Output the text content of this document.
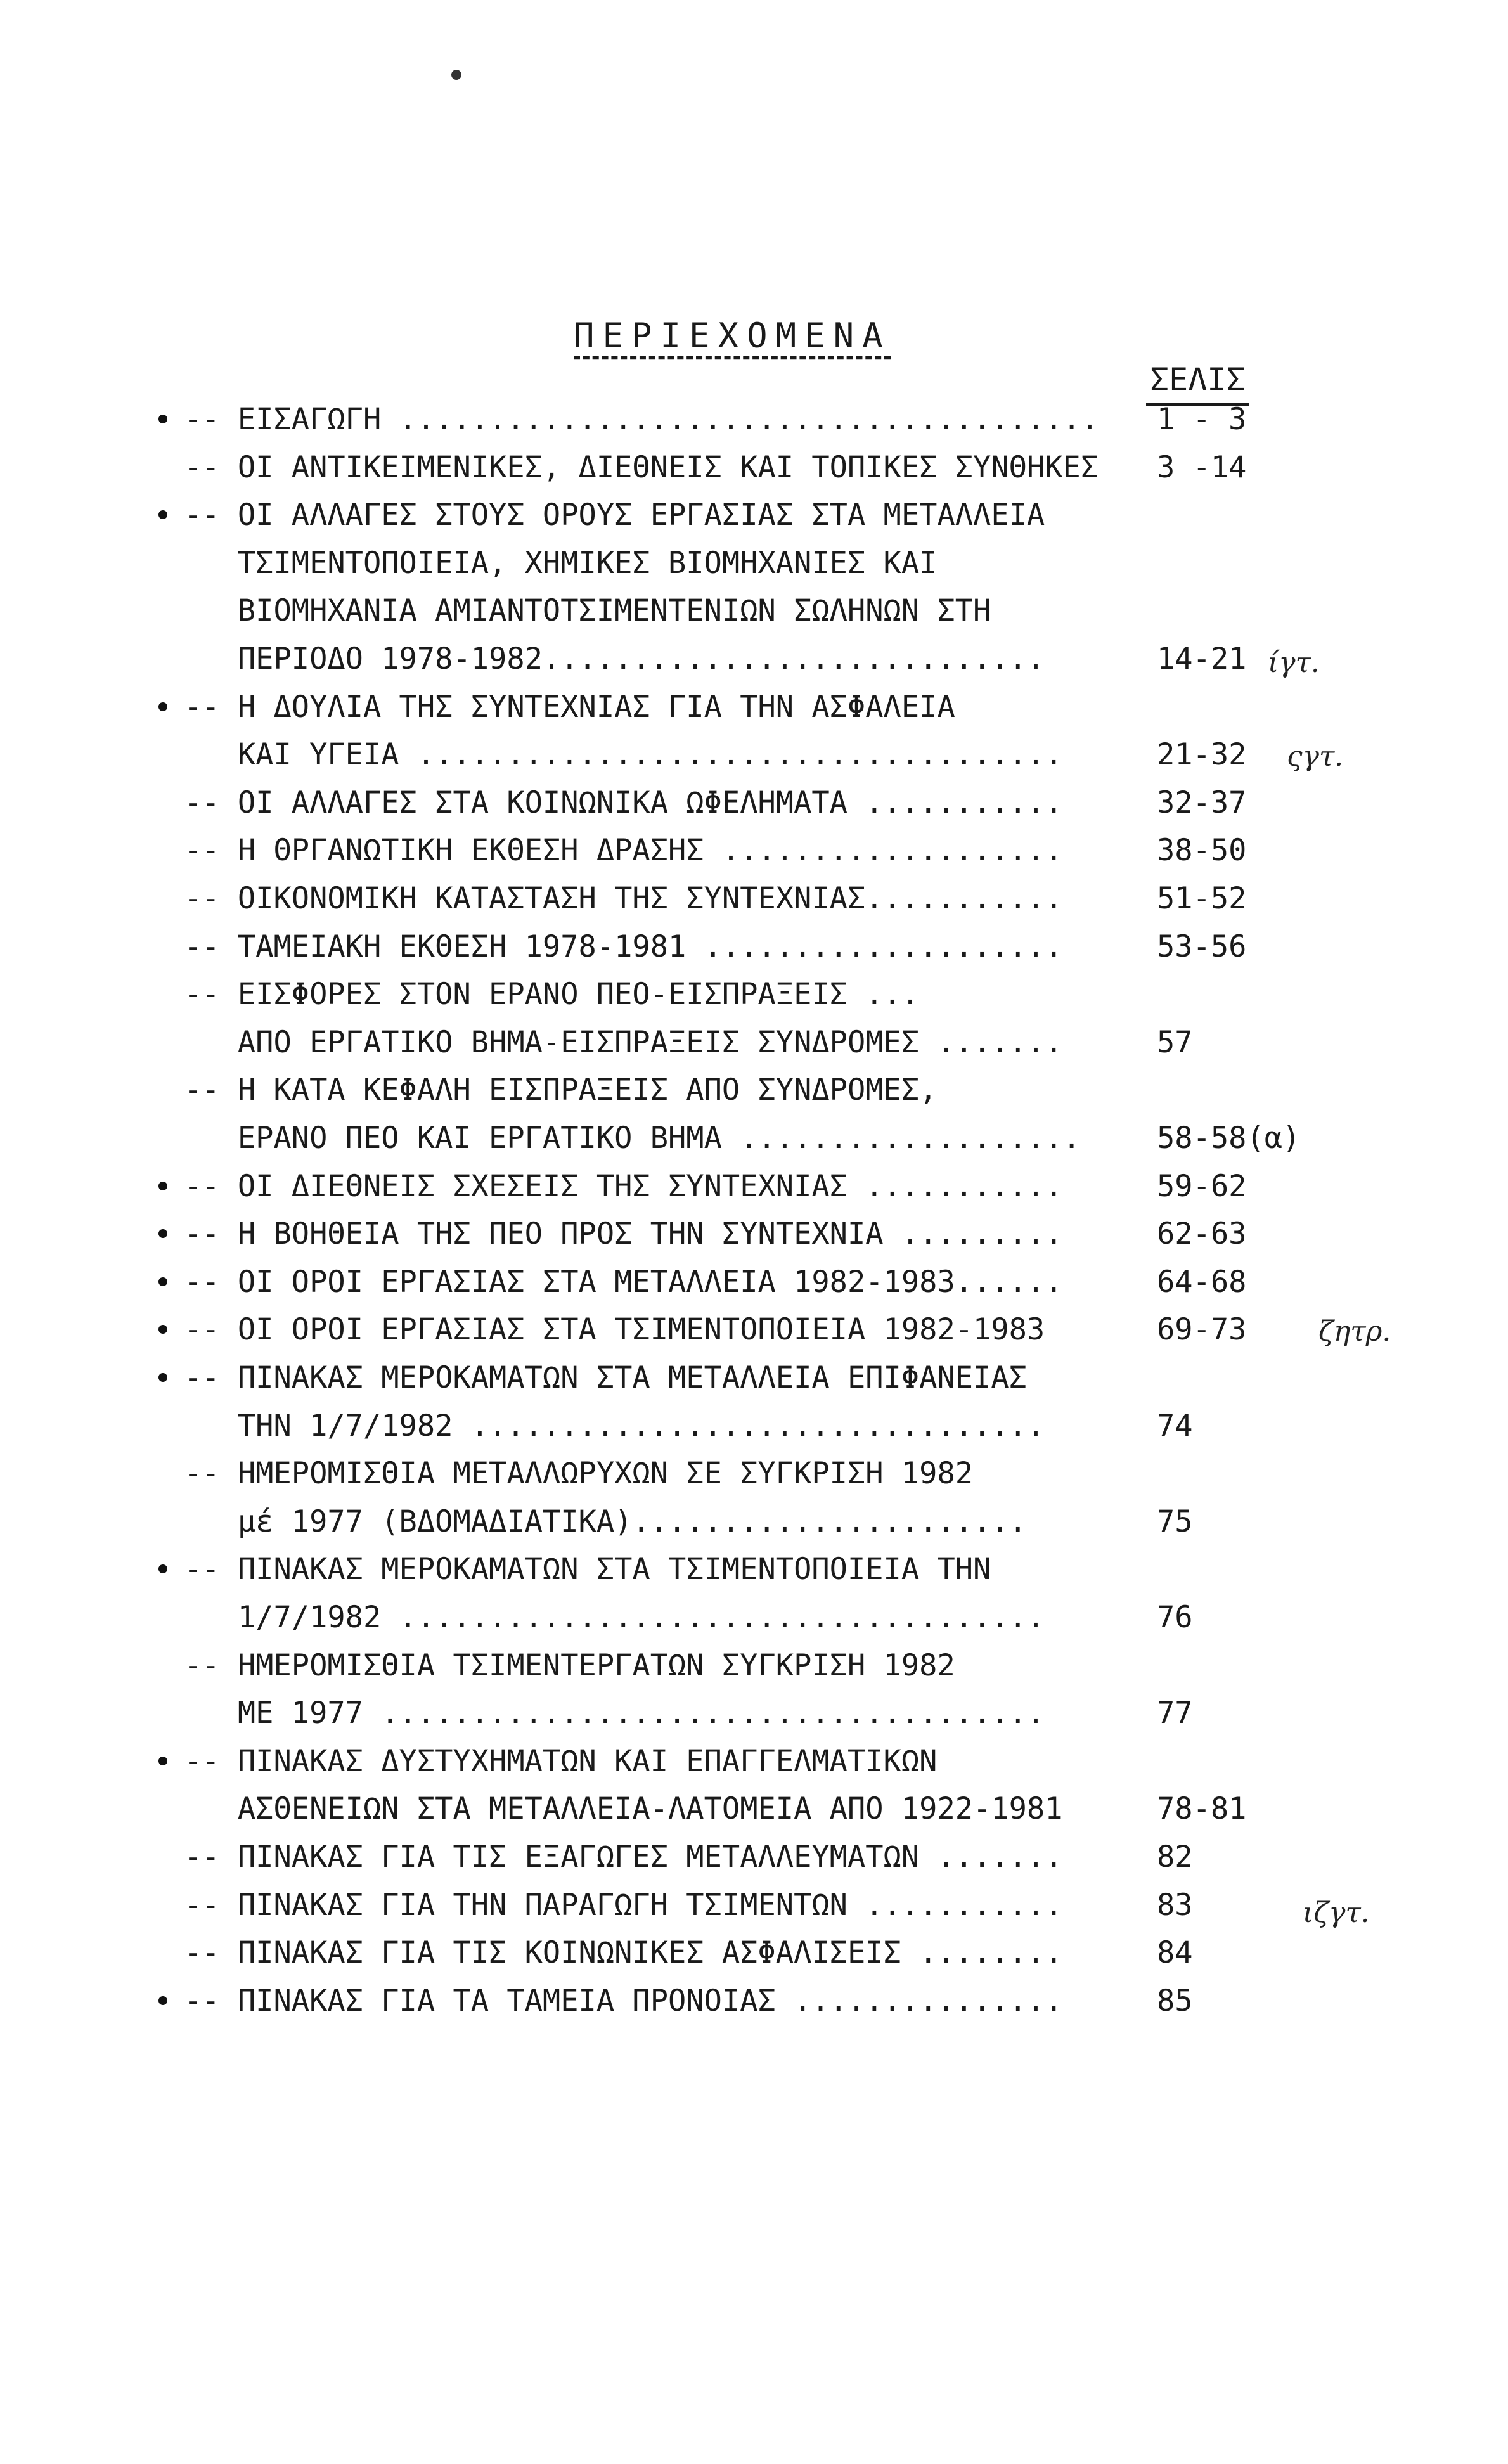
ΠΕΡΙΕΧΟΜΕΝΑ
ΣΕΛΙΣ
-- ΕΙΣΑΓΩΓΗ ....................................... 1 - 3
-- ΟΙ ΑΝΤΙΚΕΙΜΕΝΙΚΕΣ, ΔΙΕΘΝΕΙΣ ΚΑΙ ΤΟΠΙΚΕΣ ΣΥΝΘΗΚΕΣ 3 -14
-- ΟΙ ΑΛΛΑΓΕΣ ΣΤΟΥΣ ΟΡΟΥΣ ΕΡΓΑΣΙΑΣ ΣΤΑ ΜΕΤΑΛΛΕΙΑ
ΤΣΙΜΕΝΤΟΠΟΙΕΙΑ, ΧΗΜΙΚΕΣ ΒΙΟΜΗΧΑΝΙΕΣ ΚΑΙ
ΒΙΟΜΗΧΑΝΙΑ ΑΜΙΑΝΤΟΤΣΙΜΕΝΤΕΝΙΩΝ ΣΩΛΗΝΩΝ ΣΤΗ
ΠΕΡΙΟΔΟ 1978-1982............................	14-21
-- Η ΔΟΥΛΙΑ ΤΗΣ ΣΥΝΤΕΧΝΙΑΣ ΓΙΑ ΤΗΝ ΑΣΦΑΛΕΙΑ
ΚΑΙ ΥΓΕΙΑ ....................................	21-32
-- ΟΙ ΑΛΛΑΓΕΣ ΣΤΑ ΚΟΙΝΩΝΙΚΑ ΩΦΕΛΗΜΑΤΑ ...........	32-37
-- Η ΘΡΓΑΝΩΤΙΚΗ ΕΚΘΕΣΗ ΔΡΑΣΗΣ ...................	38-50
-- ΟΙΚΟΝΟΜΙΚΗ ΚΑΤΑΣΤΑΣΗ ΤΗΣ ΣΥΝΤΕΧΝΙΑΣ...........	51-52
-- ΤΑΜΕΙΑΚΗ ΕΚΘΕΣΗ 1978-1981 ....................	53-56
-- ΕΙΣΦΟΡΕΣ ΣΤΟΝ ΕΡΑΝΟ ΠΕΟ-ΕΙΣΠΡΑΞΕΙΣ ...
ΑΠΟ ΕΡΓΑΤΙΚΟ ΒΗΜΑ-ΕΙΣΠΡΑΞΕΙΣ ΣΥΝΔΡΟΜΕΣ .......	57
-- Η ΚΑΤΑ ΚΕΦΑΛΗ ΕΙΣΠΡΑΞΕΙΣ ΑΠΟ ΣΥΝΔΡΟΜΕΣ,
ΕΡΑΝΟ ΠΕΟ ΚΑΙ ΕΡΓΑΤΙΚΟ ΒΗΜΑ ...................	58-58(α)
-- ΟΙ ΔΙΕΘΝΕΙΣ ΣΧΕΣΕΙΣ ΤΗΣ ΣΥΝΤΕΧΝΙΑΣ ...........	59-62
-- Η ΒΟΗΘΕΙΑ ΤΗΣ ΠΕΟ ΠΡΟΣ ΤΗΝ ΣΥΝΤΕΧΝΙΑ .........	62-63
-- ΟΙ ΟΡΟΙ ΕΡΓΑΣΙΑΣ ΣΤΑ ΜΕΤΑΛΛΕΙΑ 1982-1983......	64-68
-- ΟΙ ΟΡΟΙ ΕΡΓΑΣΙΑΣ ΣΤΑ ΤΣΙΜΕΝΤΟΠΟΙΕΙΑ 1982-1983	69-73
-- ΠΙΝΑΚΑΣ ΜΕΡΟΚΑΜΑΤΩΝ ΣΤΑ ΜΕΤΑΛΛΕΙΑ ΕΠΙΦΑΝΕΙΑΣ
ΤΗΝ 1/7/1982 ................................	74
-- ΗΜΕΡΟΜΙΣΘΙΑ ΜΕΤΑΛΛΩΡΥΧΩΝ ΣΕ ΣΥΓΚΡΙΣΗ 1982
μέ 1977 (ΒΔΟΜΑΔΙΑΤΙΚΑ)......................	75
-- ΠΙΝΑΚΑΣ ΜΕΡΟΚΑΜΑΤΩΝ ΣΤΑ ΤΣΙΜΕΝΤΟΠΟΙΕΙΑ ΤΗΝ
1/7/1982 ....................................	76
-- ΗΜΕΡΟΜΙΣΘΙΑ ΤΣΙΜΕΝΤΕΡΓΑΤΩΝ ΣΥΓΚΡΙΣΗ 1982
ΜΕ 1977 .....................................	77
-- ΠΙΝΑΚΑΣ ΔΥΣΤΥΧΗΜΑΤΩΝ ΚΑΙ ΕΠΑΓΓΕΛΜΑΤΙΚΩΝ
ΑΣΘΕΝΕΙΩΝ ΣΤΑ ΜΕΤΑΛΛΕΙΑ-ΛΑΤΟΜΕΙΑ ΑΠΟ 1922-1981	78-81
-- ΠΙΝΑΚΑΣ ΓΙΑ ΤΙΣ ΕΞΑΓΩΓΕΣ ΜΕΤΑΛΛΕΥΜΑΤΩΝ .......	82
-- ΠΙΝΑΚΑΣ ΓΙΑ ΤΗΝ ΠΑΡΑΓΩΓΗ ΤΣΙΜΕΝΤΩΝ ...........	83
-- ΠΙΝΑΚΑΣ ΓΙΑ ΤΙΣ ΚΟΙΝΩΝΙΚΕΣ ΑΣΦΑΛΙΣΕΙΣ ........	84
-- ΠΙΝΑΚΑΣ ΓΙΑ ΤΑ ΤΑΜΕΙΑ ΠΡΟΝΟΙΑΣ ...............	85
ίγτ.
ςγτ.
ζητρ.
ιζγτ.
